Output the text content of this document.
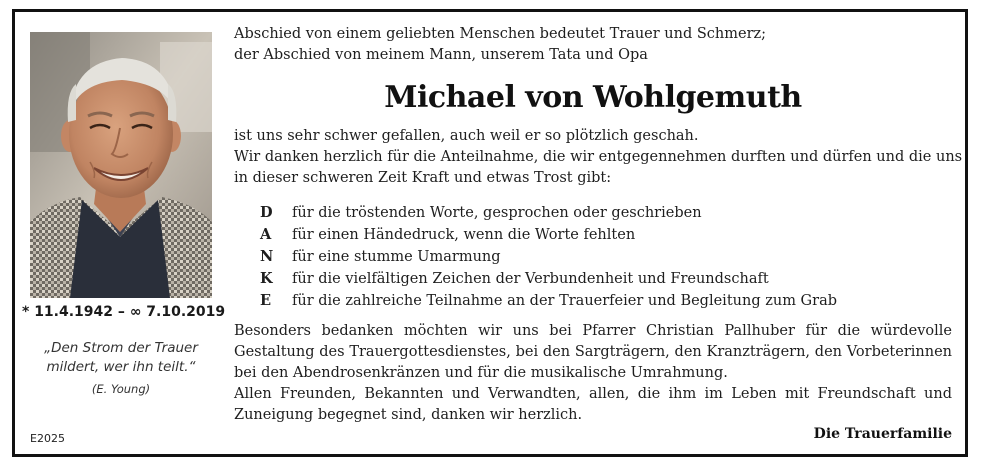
* 11.4.1942 – ∞ 7.10.2019
„Den Strom der Trauer
mildert, wer ihn teilt.“
(E. Young)
E2025
Abschied von einem geliebten Menschen bedeutet Trauer und Schmerz;
der Abschied von meinem Mann, unserem Tata und Opa
Michael von Wohlgemuth
ist uns sehr schwer gefallen, auch weil er so plötzlich geschah.
Wir danken herzlich für die Anteilnahme, die wir entgegennehmen durften und dürfen und die uns
in dieser schweren Zeit Kraft und etwas Trost gibt:
D	für die tröstenden Worte, gesprochen oder geschrieben
A	für einen Händedruck, wenn die Worte fehlten
N	für eine stumme Umarmung
K	für die vielfältigen Zeichen der Verbundenheit und Freundschaft
E	für die zahlreiche Teilnahme an der Trauerfeier und Begleitung zum Grab
Besonders bedanken möchten wir uns bei Pfarrer Christian Pallhuber für die würdevolle
Gestaltung des Trauergottesdienstes, bei den Sargträgern, den Kranzträgern, den Vorbeterinnen
bei den Abendrosenkränzen und für die musikalische Umrahmung.
Allen Freunden, Bekannten und Verwandten, allen, die ihm im Leben mit Freundschaft und
Zuneigung begegnet sind, danken wir herzlich.
Die Trauerfamilie
